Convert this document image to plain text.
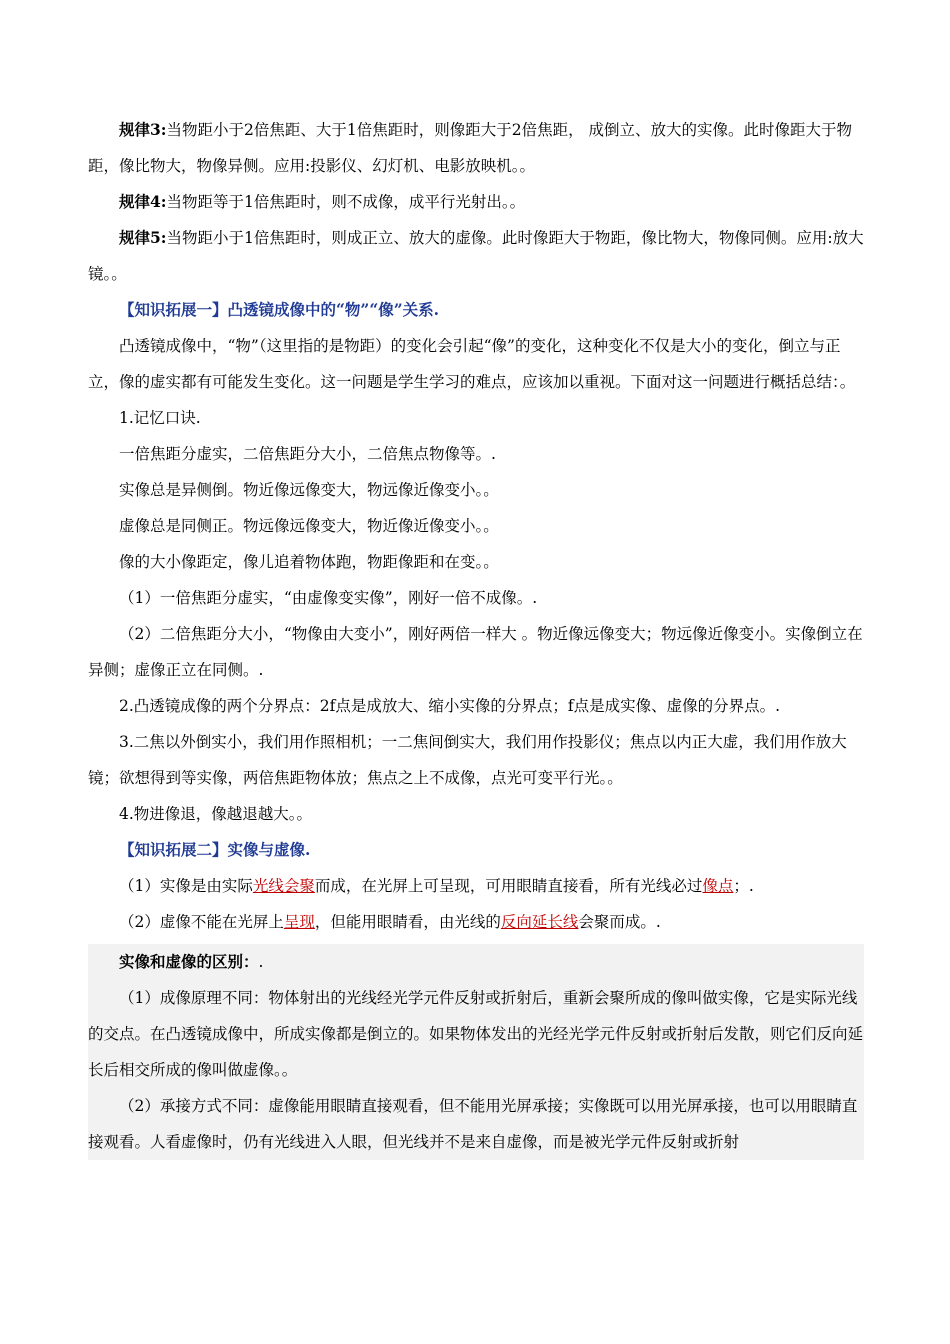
规律3:当物距小于2倍焦距、大于1倍焦距时，则像距大于2倍焦距， 成倒立、放大的实像。此时像距大于物距，像比物大，物像异侧。应用:投影仪、幻灯机、电影放映机。。

规律4:当物距等于1倍焦距时，则不成像，成平行光射出。。

规律5:当物距小于1倍焦距时，则成正立、放大的虚像。此时像距大于物距，像比物大，物像同侧。应用:放大镜。。

【知识拓展一】凸透镜成像中的“物”“像”关系.

凸透镜成像中，“物”（这里指的是物距）的变化会引起“像”的变化，这种变化不仅是大小的变化，倒立与正立，像的虚实都有可能发生变化。这一问题是学生学习的难点，应该加以重视。下面对这一问题进行概括总结：。

1.记忆口诀.

一倍焦距分虚实，二倍焦距分大小，二倍焦点物像等。.

实像总是异侧倒。物近像远像变大，物远像近像变小。。

虚像总是同侧正。物远像远像变大，物近像近像变小。。

像的大小像距定，像儿追着物体跑，物距像距和在变。。

（1）一倍焦距分虚实，“由虚像变实像”，刚好一倍不成像。.

（2）二倍焦距分大小，“物像由大变小”，刚好两倍一样大 。物近像远像变大；物远像近像变小。实像倒立在异侧；虚像正立在同侧。.

2.凸透镜成像的两个分界点：2f点是成放大、缩小实像的分界点；f点是成实像、虚像的分界点。.

3.二焦以外倒实小，我们用作照相机；一二焦间倒实大，我们用作投影仪；焦点以内正大虚，我们用作放大镜；欲想得到等实像，两倍焦距物体放；焦点之上不成像，点光可变平行光。。

4.物进像退，像越退越大。。

【知识拓展二】实像与虚像.

（1）实像是由实际光线会聚而成，在光屏上可呈现，可用眼睛直接看，所有光线必过像点；.

（2）虚像不能在光屏上呈现，但能用眼睛看，由光线的反向延长线会聚而成。.

实像和虚像的区别：.

（1）成像原理不同：物体射出的光线经光学元件反射或折射后，重新会聚所成的像叫做实像，它是实际光线的交点。在凸透镜成像中，所成实像都是倒立的。如果物体发出的光经光学元件反射或折射后发散，则它们反向延长后相交所成的像叫做虚像。。

（2）承接方式不同：虚像能用眼睛直接观看，但不能用光屏承接；实像既可以用光屏承接，也可以用眼睛直接观看。人看虚像时，仍有光线进入人眼，但光线并不是来自虚像，而是被光学元件反射或折射
